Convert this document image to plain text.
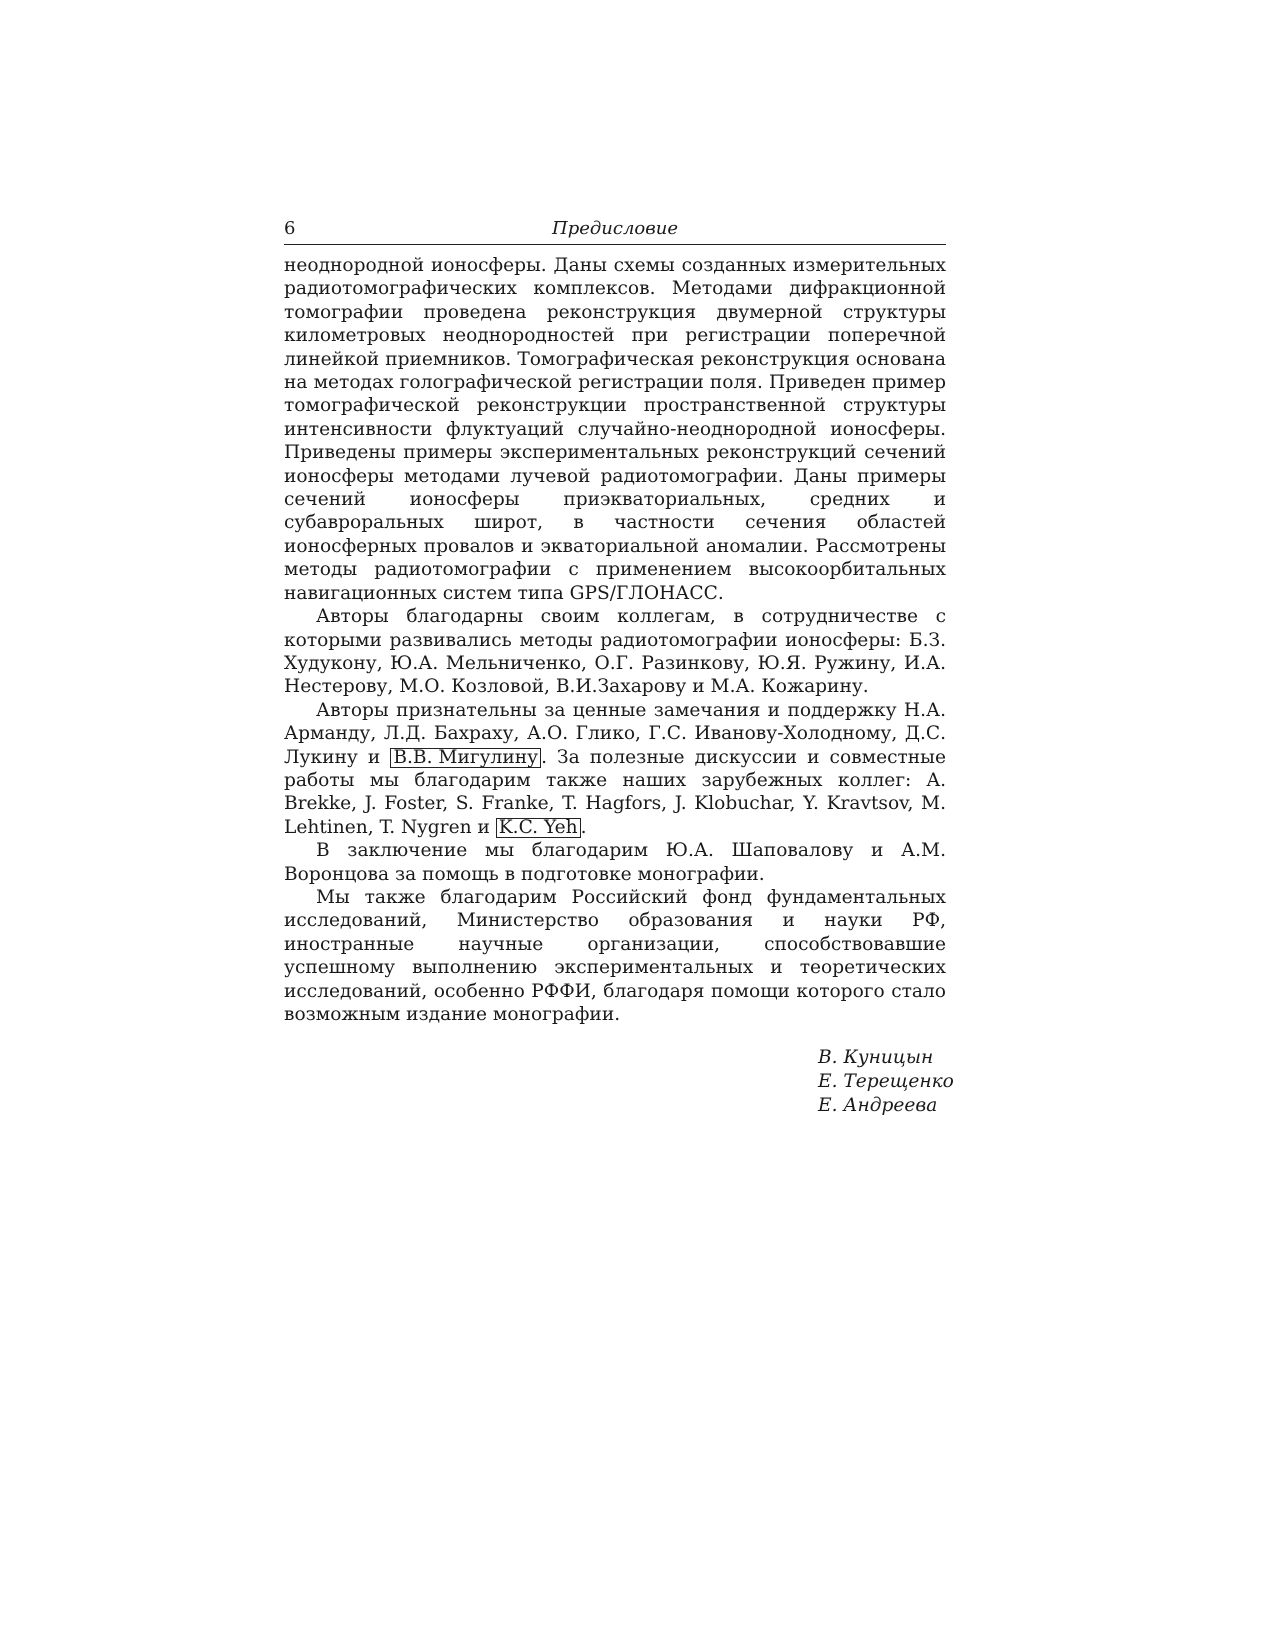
6	Предисловие

неоднородной ионосферы. Даны схемы созданных измерительных радиотомографических комплексов. Методами дифракционной томографии проведена реконструкция двумерной структуры километровых неоднородностей при регистрации поперечной линейкой приемников. Томографическая реконструкция основана на методах голографической регистрации поля. Приведен пример томографической реконструкции пространственной структуры интенсивности флуктуаций случайно-неоднородной ионосферы. Приведены примеры экспериментальных реконструкций сечений ионосферы методами лучевой радиотомографии. Даны примеры сечений ионосферы приэкваториальных, средних и субавроральных широт, в частности сечения областей ионосферных провалов и экваториальной аномалии. Рассмотрены методы радиотомографии с применением высокоорбитальных навигационных систем типа GPS/ГЛОНАСС.

Авторы благодарны своим коллегам, в сотрудничестве с которыми развивались методы радиотомографии ионосферы: Б.З. Худукону, Ю.А. Мельниченко, О.Г. Разинкову, Ю.Я. Ружину, И.А. Нестерову, М.О. Козловой, В.И.Захарову и М.А. Кожарину.

Авторы признательны за ценные замечания и поддержку Н.А. Арманду, Л.Д. Бахраху, А.О. Глико, Г.С. Иванову-Холодному, Д.С. Лукину и В.В. Мигулину . За полезные дискуссии и совместные работы мы благодарим также наших зарубежных коллег: A. Brekke, J. Foster, S. Franke, T. Hagfors, J. Klobuchar, Y. Kravtsov, M. Lehtinen, T. Nygren и K.C. Yeh .

В заключение мы благодарим Ю.А. Шаповалову и А.М. Воронцова за помощь в подготовке монографии.

Мы также благодарим Российский фонд фундаментальных исследований, Министерство образования и науки РФ, иностранные научные организации, способствовавшие успешному выполнению экспериментальных и теоретических исследований, особенно РФФИ, благодаря помощи которого стало возможным издание монографии.

В. Куницын
Е. Терещенко
Е. Андреева
